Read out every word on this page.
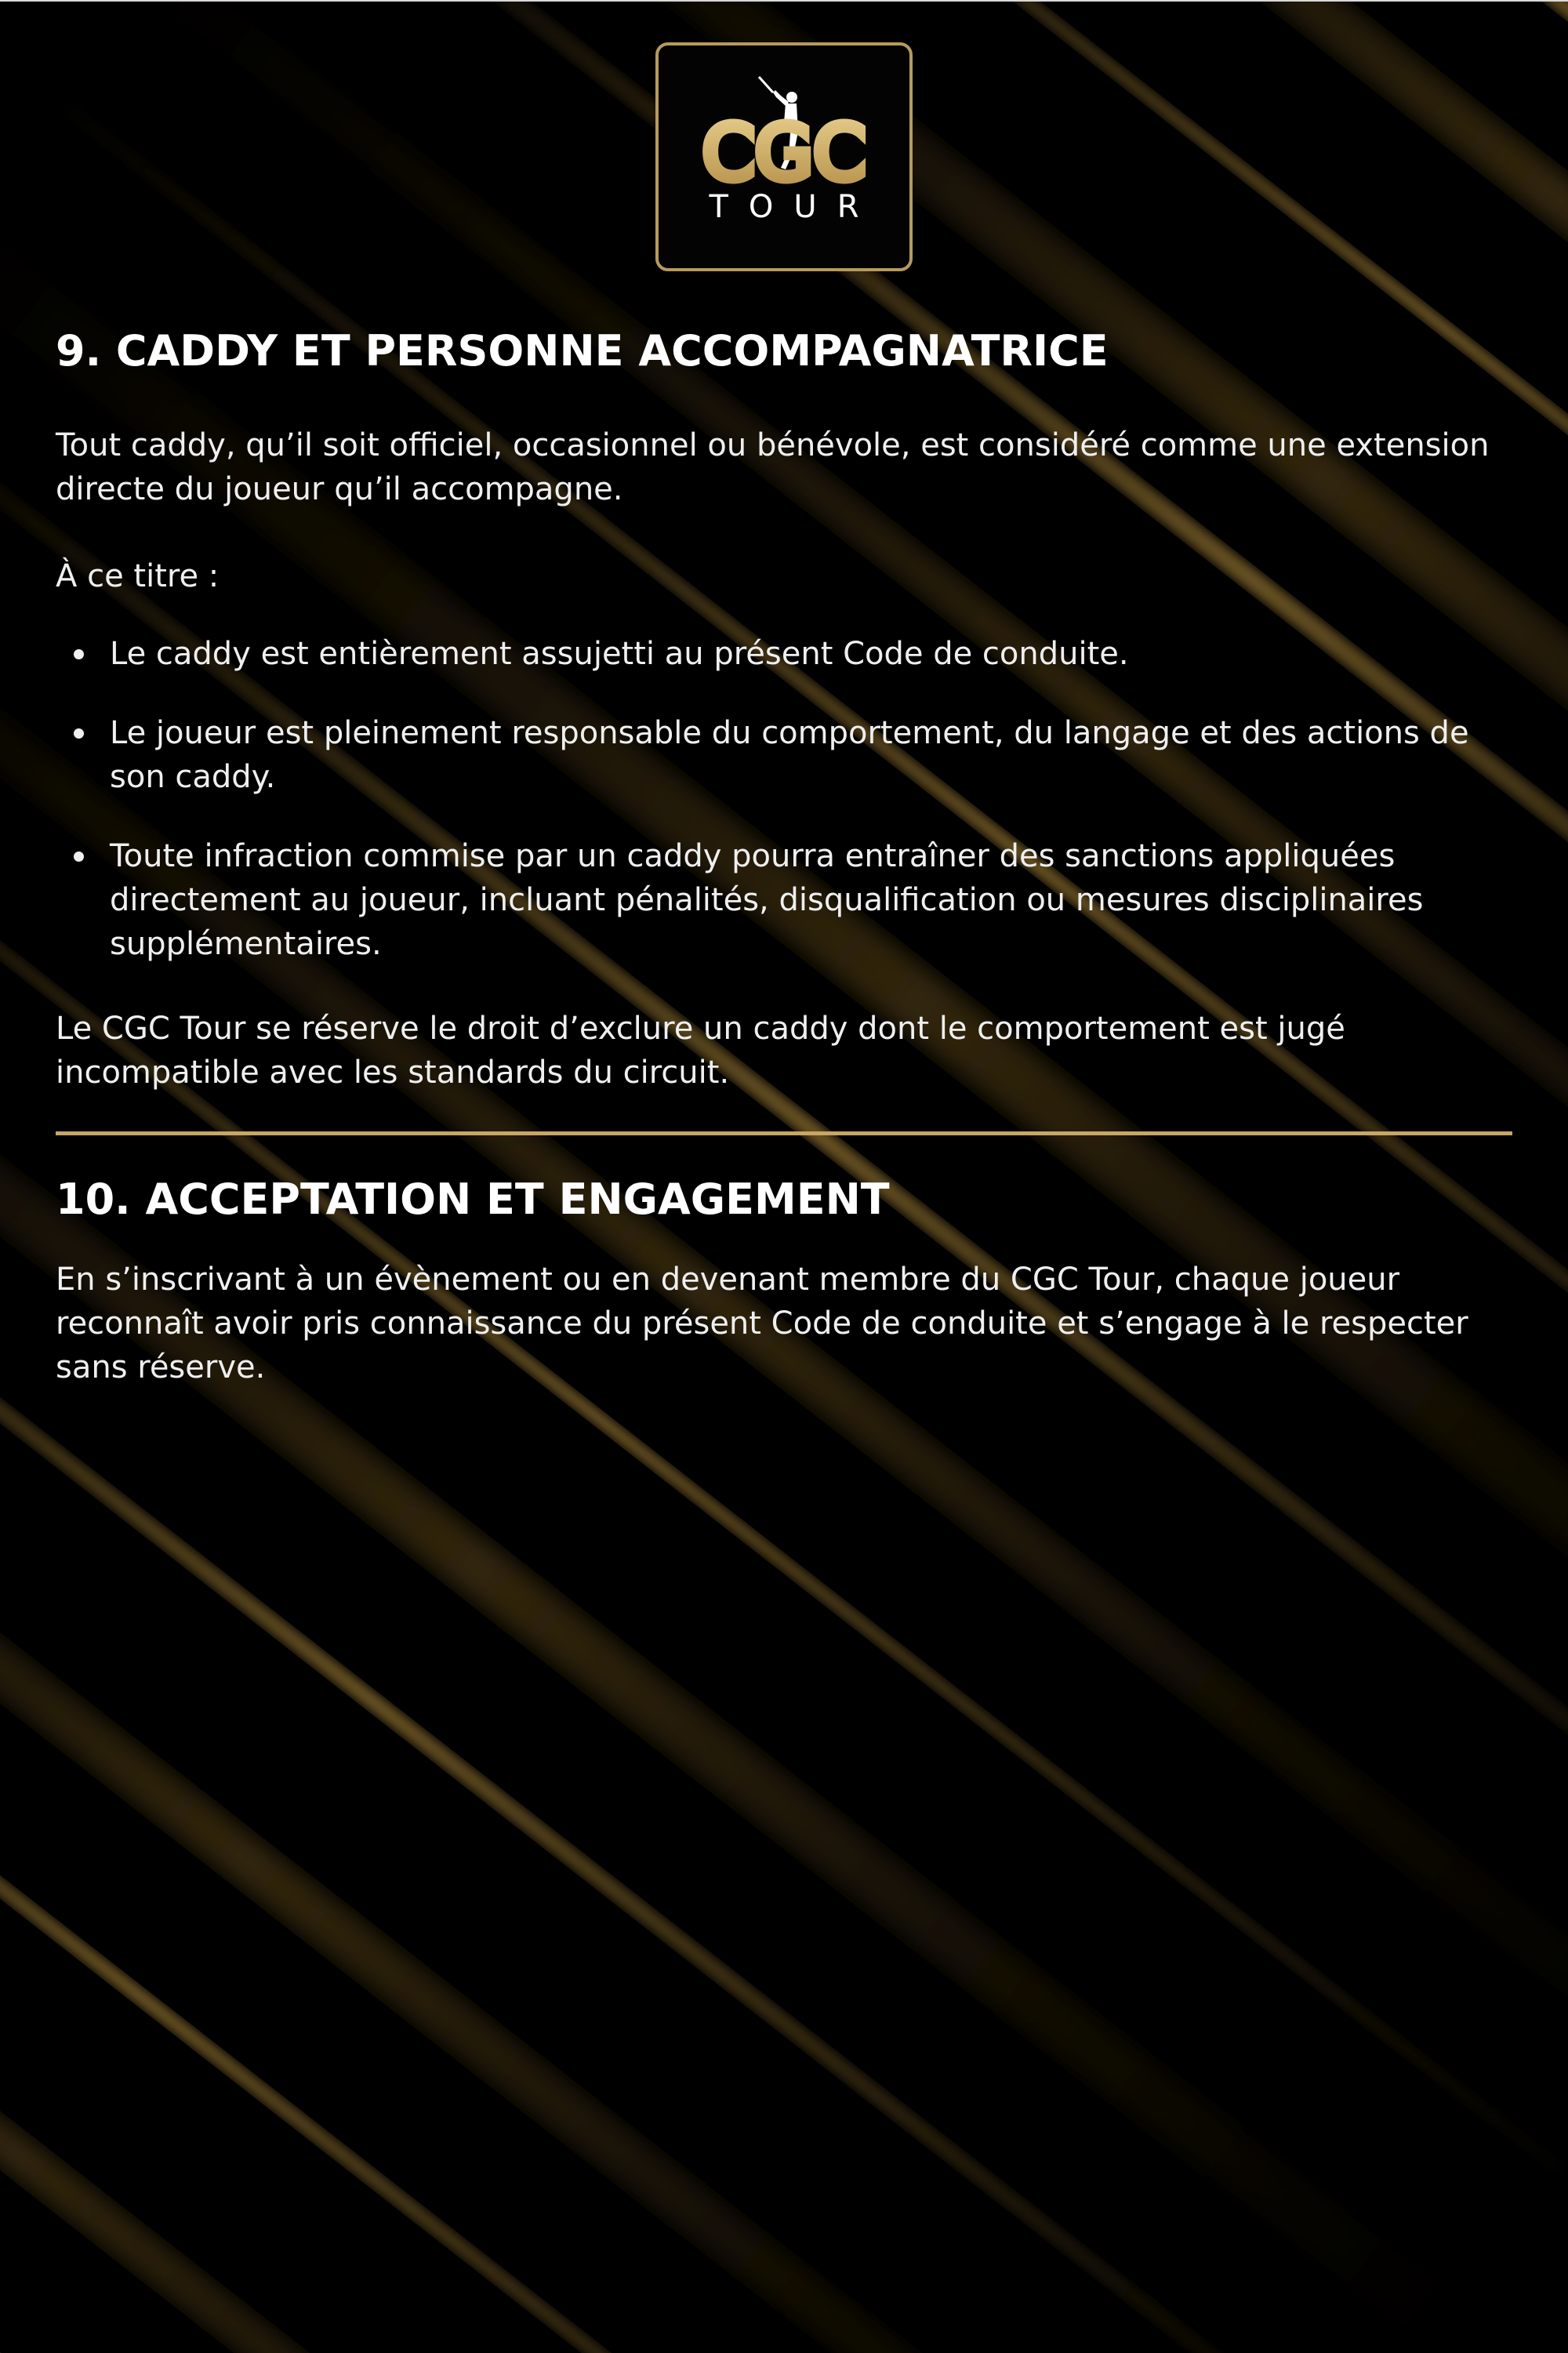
CGC
TOUR
9. CADDY ET PERSONNE ACCOMPAGNATRICE

Tout caddy, qu’il soit officiel, occasionnel ou bénévole, est considéré comme une extension directe du joueur qu’il accompagne.

À ce titre :

Le caddy est entièrement assujetti au présent Code de conduite.
Le joueur est pleinement responsable du comportement, du langage et des actions de son caddy.
Toute infraction commise par un caddy pourra entraîner des sanctions appliquées directement au joueur, incluant pénalités, disqualification ou mesures disciplinaires supplémentaires.

Le CGC Tour se réserve le droit d’exclure un caddy dont le comportement est jugé incompatible avec les standards du circuit.

10. ACCEPTATION ET ENGAGEMENT

En s’inscrivant à un évènement ou en devenant membre du CGC Tour, chaque joueur reconnaît avoir pris connaissance du présent Code de conduite et s’engage à le respecter sans réserve.
